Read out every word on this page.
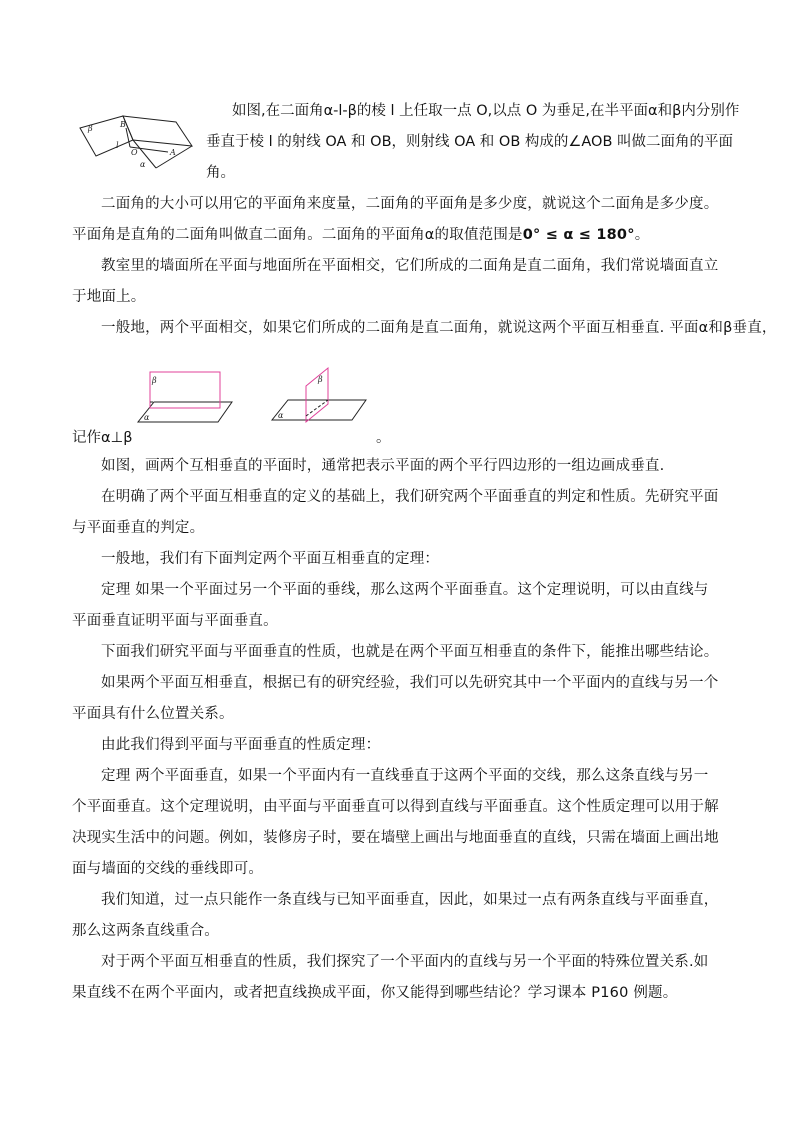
β	B
O
l
A
α
如图,在二面角α-l-β的棱 l 上任取一点 O,以点 O 为垂足,在半平面α和β内分别作
垂直于棱 l 的射线 OA 和 OB，则射线 OA 和 OB 构成的∠AOB 叫做二面角的平面
角。

二面角的大小可以用它的平面角来度量，二面角的平面角是多少度，就说这个二面角是多少度。平面角是直角的二面角叫做直二面角。二面角的平面角α的取值范围是0° ≤ α ≤ 180°。

教室里的墙面所在平面与地面所在平面相交，它们所成的二面角是直二面角，我们常说墙面直立于地面上。

一般地，两个平面相交，如果它们所成的二面角是直二面角，就说这两个平面互相垂直. 平面α和β垂直，

β
α
β
α
记作α⊥β	。

如图，画两个互相垂直的平面时，通常把表示平面的两个平行四边形的一组边画成垂直.

在明确了两个平面互相垂直的定义的基础上，我们研究两个平面垂直的判定和性质。先研究平面与平面垂直的判定。

一般地，我们有下面判定两个平面互相垂直的定理：

定理 如果一个平面过另一个平面的垂线，那么这两个平面垂直。这个定理说明，可以由直线与平面垂直证明平面与平面垂直。

下面我们研究平面与平面垂直的性质，也就是在两个平面互相垂直的条件下，能推出哪些结论。

如果两个平面互相垂直，根据已有的研究经验，我们可以先研究其中一个平面内的直线与另一个平面具有什么位置关系。

由此我们得到平面与平面垂直的性质定理：

定理 两个平面垂直，如果一个平面内有一直线垂直于这两个平面的交线，那么这条直线与另一个平面垂直。这个定理说明，由平面与平面垂直可以得到直线与平面垂直。这个性质定理可以用于解决现实生活中的问题。例如，装修房子时，要在墙壁上画出与地面垂直的直线，只需在墙面上画出地面与墙面的交线的垂线即可。

我们知道，过一点只能作一条直线与已知平面垂直，因此，如果过一点有两条直线与平面垂直，那么这两条直线重合。

对于两个平面互相垂直的性质，我们探究了一个平面内的直线与另一个平面的特殊位置关系.如果直线不在两个平面内，或者把直线换成平面，你又能得到哪些结论？学习课本 P160 例题。
